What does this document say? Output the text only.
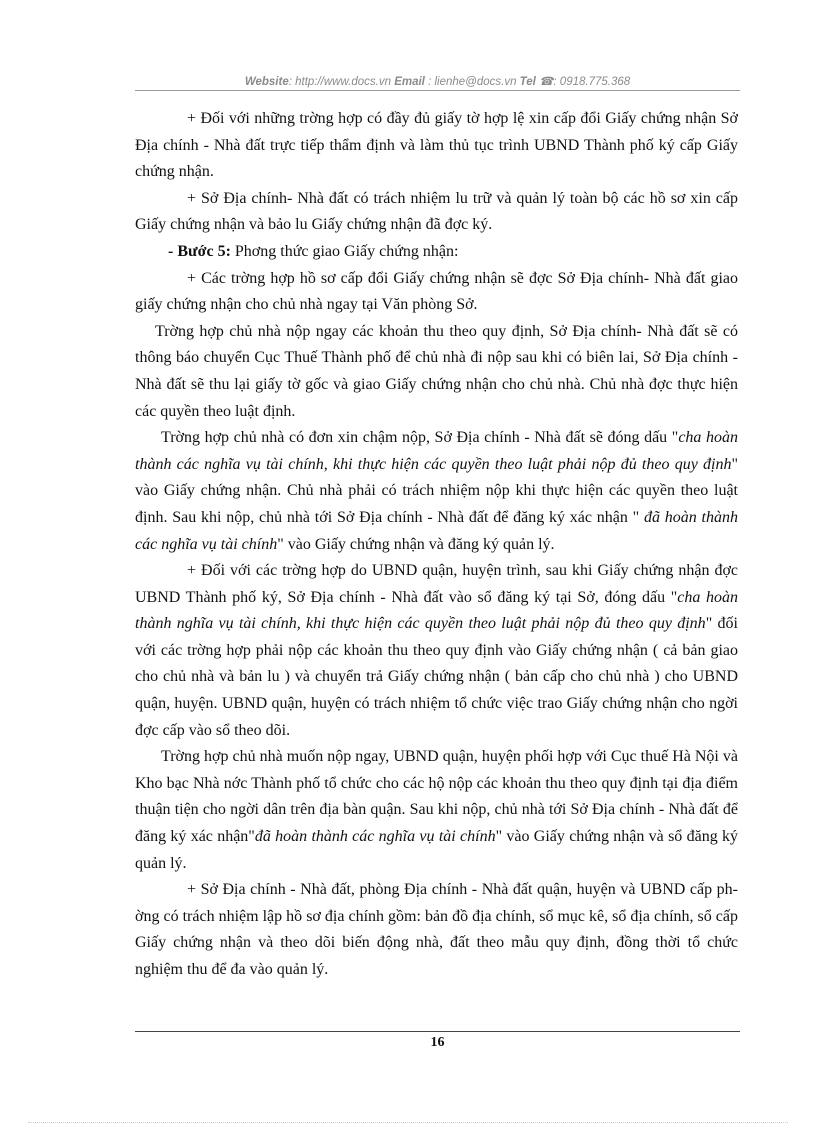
Website: http://www.docs.vn Email : lienhe@docs.vn Tel ☎: 0918.775.368

+ Đối với những trờng hợp có đầy đủ giấy tờ hợp lệ xin cấp đổi Giấy chứng nhận Sở Địa chính - Nhà đất trực tiếp thẩm định và làm thủ tục trình UBND Thành phố ký cấp Giấy chứng nhận.

+ Sở Địa chính- Nhà đất có trách nhiệm lu trữ và quản lý toàn bộ các hồ sơ xin cấp Giấy chứng nhận và bảo lu Giấy chứng nhận đã đợc ký.

- Bước 5: Phơng thức giao Giấy chứng nhận:

+ Các trờng hợp hồ sơ cấp đổi Giấy chứng nhận sẽ đợc Sở Địa chính- Nhà đất giao giấy chứng nhận cho chủ nhà ngay tại Văn phòng Sở.

Trờng hợp chủ nhà nộp ngay các khoản thu theo quy định, Sở Địa chính- Nhà đất sẽ có thông báo chuyển Cục Thuế Thành phố để chủ nhà đi nộp sau khi có biên lai, Sở Địa chính - Nhà đất sẽ thu lại giấy tờ gốc và giao Giấy chứng nhận cho chủ nhà. Chủ nhà đợc thực hiện các quyền theo luật định.

Trờng hợp chủ nhà có đơn xin chậm nộp, Sở Địa chính - Nhà đất sẽ đóng dấu "cha hoàn thành các nghĩa vụ tài chính, khi thực hiện các quyền theo luật phải nộp đủ theo quy định" vào Giấy chứng nhận. Chủ nhà phải có trách nhiệm nộp khi thực hiện các quyền theo luật định. Sau khi nộp, chủ nhà tới Sở Địa chính - Nhà đất để đăng ký xác nhận " đã hoàn thành các nghĩa vụ tài chính" vào Giấy chứng nhận và đăng ký quản lý.

+ Đối với các trờng hợp do UBND quận, huyện trình, sau khi Giấy chứng nhận đợc UBND Thành phố ký, Sở Địa chính - Nhà đất vào sổ đăng ký tại Sở, đóng dấu "cha hoàn thành nghĩa vụ tài chính, khi thực hiện các quyền theo luật phải nộp đủ theo quy định" đối với các trờng hợp phải nộp các khoản thu theo quy định vào Giấy chứng nhận ( cả bản giao cho chủ nhà và bản lu ) và chuyển trả Giấy chứng nhận ( bản cấp cho chủ nhà ) cho UBND quận, huyện. UBND quận, huyện có trách nhiệm tổ chức việc trao Giấy chứng nhận cho ngời đợc cấp vào sổ theo dõi.

Trờng hợp chủ nhà muốn nộp ngay, UBND quận, huyện phối hợp với Cục thuế Hà Nội và Kho bạc Nhà nớc Thành phố tổ chức cho các hộ nộp các khoản thu theo quy định tại địa điểm thuận tiện cho ngời dân trên địa bàn quận. Sau khi nộp, chủ nhà tới Sở Địa chính - Nhà đất để đăng ký xác nhận"đã hoàn thành các nghĩa vụ tài chính" vào Giấy chứng nhận và sổ đăng ký quản lý.

+ Sở Địa chính - Nhà đất, phòng Địa chính - Nhà đất quận, huyện và UBND cấp phờng có trách nhiệm lập hồ sơ địa chính gồm: bản đồ địa chính, sổ mục kê, sổ địa chính, sổ cấp Giấy chứng nhận và theo dõi biến động nhà, đất theo mẫu quy định, đồng thời tổ chức nghiệm thu để đa vào quản lý.

16
